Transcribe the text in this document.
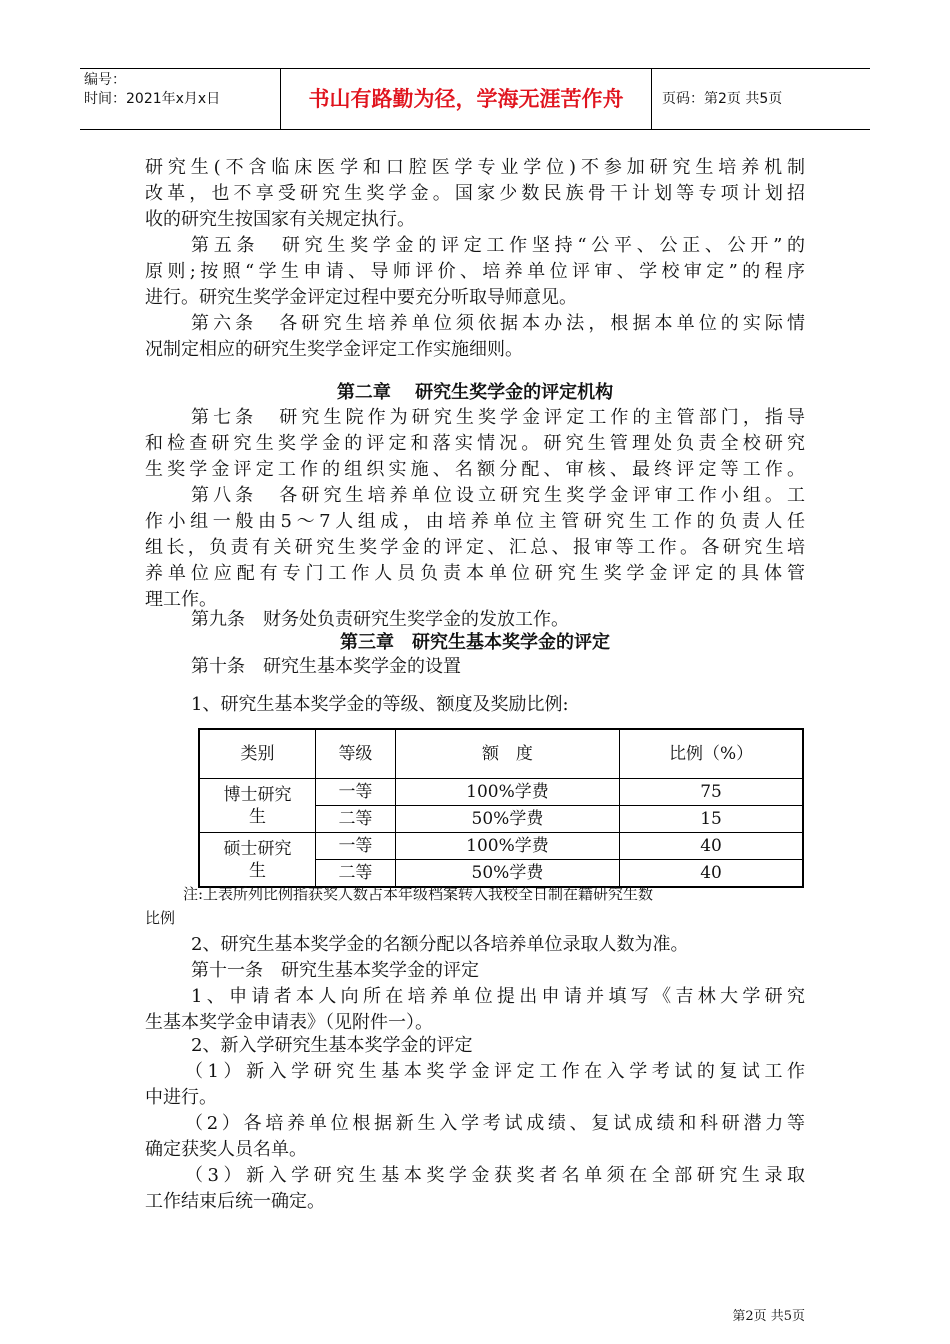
编号：
时间：2021年x月x日	书山有路勤为径，学海无涯苦作舟	页码：第2页 共5页
研究生(不含临床医学和口腔医学专业学位)不参加研究生培养机制
改革，也不享受研究生奖学金。国家少数民族骨干计划等专项计划招
收的研究生按国家有关规定执行。
第五条　研究生奖学金的评定工作坚持“公平、公正、公开”的
原则;按照“学生申请、导师评价、培养单位评审、学校审定”的程序
进行。研究生奖学金评定过程中要充分听取导师意见。
第六条　各研究生培养单位须依据本办法，根据本单位的实际情
况制定相应的研究生奖学金评定工作实施细则。
第二章　 研究生奖学金的评定机构
第七条　研究生院作为研究生奖学金评定工作的主管部门，指导
和检查研究生奖学金的评定和落实情况。研究生管理处负责全校研究
生奖学金评定工作的组织实施、名额分配、审核、最终评定等工作。
第八条　各研究生培养单位设立研究生奖学金评审工作小组。工
作小组一般由5～7人组成，由培养单位主管研究生工作的负责人任
组长，负责有关研究生奖学金的评定、汇总、报审等工作。各研究生培
养单位应配有专门工作人员负责本单位研究生奖学金评定的具体管
理工作。
第九条　财务处负责研究生奖学金的发放工作。
第三章　研究生基本奖学金的评定
第十条　研究生基本奖学金的设置
1、研究生基本奖学金的等级、额度及奖励比例:
类别	等级	额　度	比例（%）

博士研究
生	一等	100%学费	75
	二等	50%学费	15

硕士研究
生	一等	100%学费	40
	二等	50%学费	40
注:上表所列比例指获奖人数占本年级档案转入我校全日制在籍研究生数
比例
2、研究生基本奖学金的名额分配以各培养单位录取人数为准。
第十一条　研究生基本奖学金的评定
1、申请者本人向所在培养单位提出申请并填写《吉林大学研究
生基本奖学金申请表》（见附件一）。
2、新入学研究生基本奖学金的评定
（1）新入学研究生基本奖学金评定工作在入学考试的复试工作
中进行。
（2）各培养单位根据新生入学考试成绩、复试成绩和科研潜力等
确定获奖人员名单。
（3）新入学研究生基本奖学金获奖者名单须在全部研究生录取
工作结束后统一确定。
第2页 共5页
